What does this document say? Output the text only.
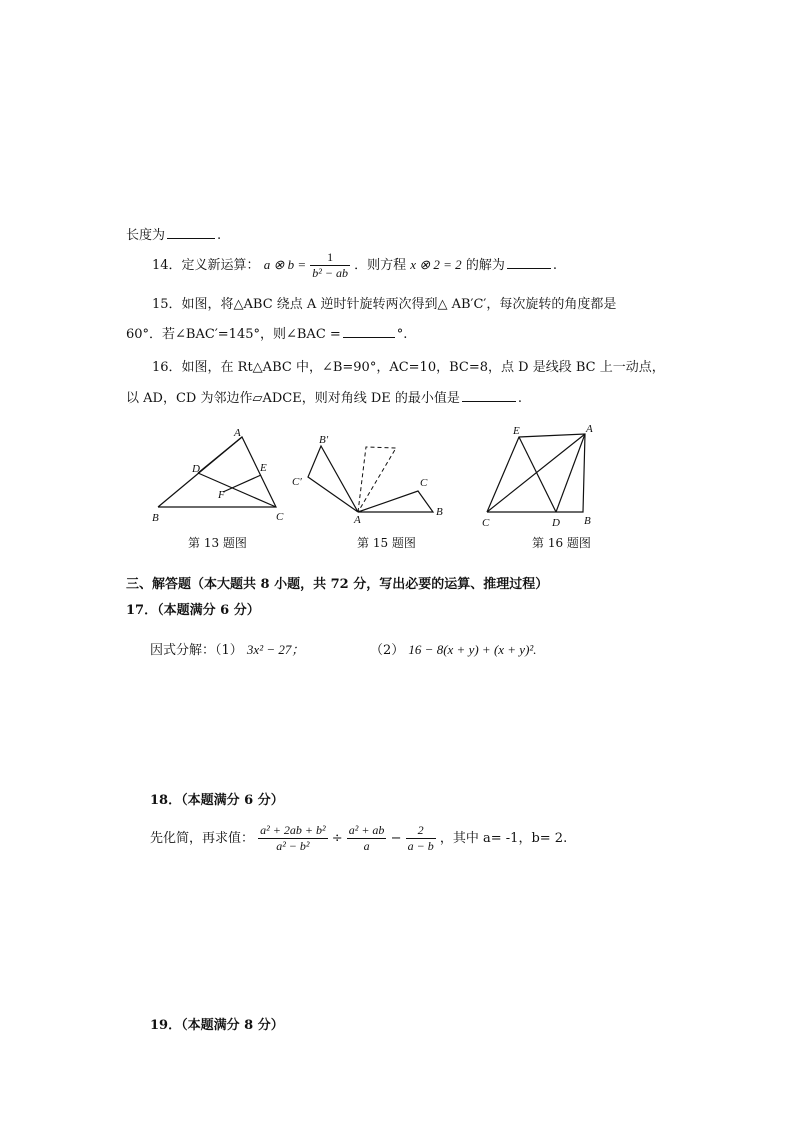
长度为	.
14．定义新运算： a ⊗ $b = \frac{1}{\text{b² − ab}}$ ．则方程 x ⊗ 2 = 2 的解为	.
15．如图，将△ABC 绕点 A 逆时针旋转两次得到△ AB′C′，每次旋转的角度都是
60°．若∠BAC′=145°，则∠BAC =	°.
16．如图，在 Rt△ABC 中，∠B=90°，AC=10，BC=8，点 D 是线段 BC 上一动点，
以 AD，CD 为邻边作▱ADCE，则对角线 DE 的最小值是	.
A
D	E
F
B	C
第 13 题图
B′
C′	C
A
B
第 15 题图
E	A
C	D B
第 16 题图
三、解答题（本大题共 8 小题，共 72 分，写出必要的运算、推理过程）
17．（本题满分 6 分）
因式分解：（1） 3x² − 27；	（2） 16 − 8(x + y) + (x + y)².
18．（本题满分 6 分）
先化简，再求值： $\frac{\text{a² + 2ab + b²}}{\text{a² − b²}} \div \frac{\text{a² + ab}}{a} - \frac{2}{a - b}$ ，其中 a= -1，b= 2.
19．（本题满分 8 分）
